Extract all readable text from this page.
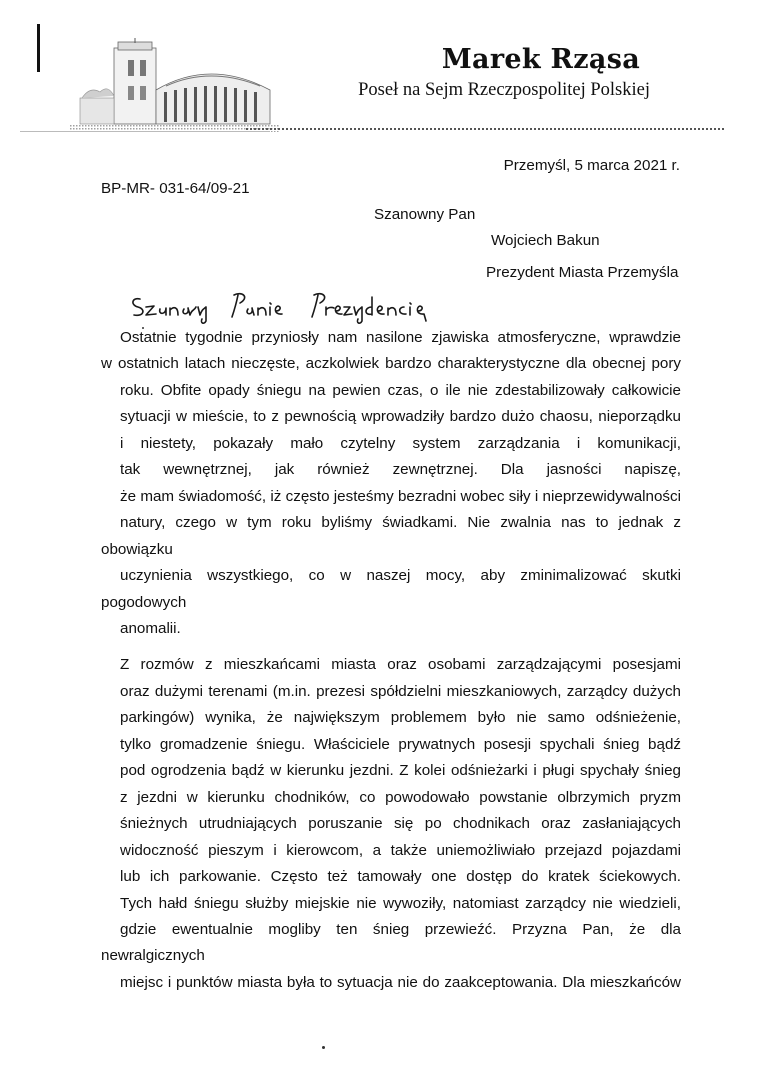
Marek Rząsa
Poseł na Sejm Rzeczpospolitej Polskiej
Przemyśl, 5 marca 2021 r.
BP-MR- 031-64/09-21
Szanowny Pan
Wojciech Bakun
Prezydent Miasta Przemyśla

Ostatnie tygodnie przyniosły nam nasilone zjawiska atmosferyczne, wprawdzie
w ostatnich latach nieczęste, aczkolwiek bardzo charakterystyczne dla obecnej pory
roku. Obfite opady śniegu na pewien czas, o ile nie zdestabilizowały całkowicie
sytuacji w mieście, to z pewnością wprowadziły bardzo dużo chaosu, nieporządku
i niestety, pokazały mało czytelny system zarządzania i komunikacji,
tak wewnętrznej, jak również zewnętrznej. Dla jasności napiszę,
że mam świadomość, iż często jesteśmy bezradni wobec siły i nieprzewidywalności
natury, czego w tym roku byliśmy świadkami. Nie zwalnia nas to jednak z obowiązku
uczynienia wszystkiego, co w naszej mocy, aby zminimalizować skutki pogodowych
anomalii.

Z rozmów z mieszkańcami miasta oraz osobami zarządzającymi posesjami
oraz dużymi terenami (m.in. prezesi spółdzielni mieszkaniowych, zarządcy dużych
parkingów) wynika, że największym problemem było nie samo odśnieżenie,
tylko gromadzenie śniegu. Właściciele prywatnych posesji spychali śnieg bądź
pod ogrodzenia bądź w kierunku jezdni. Z kolei odśnieżarki i pługi spychały śnieg
z jezdni w kierunku chodników, co powodowało powstanie olbrzymich pryzm
śnieżnych utrudniających poruszanie się po chodnikach oraz zasłaniających
widoczność pieszym i kierowcom, a także uniemożliwiało przejazd pojazdami
lub ich parkowanie. Często też tamowały one dostęp do kratek ściekowych.
Tych hałd śniegu służby miejskie nie wywoziły, natomiast zarządcy nie wiedzieli,
gdzie ewentualnie mogliby ten śnieg przewieźć. Przyzna Pan, że dla newralgicznych
miejsc i punktów miasta była to sytuacja nie do zaakceptowania. Dla mieszkańców
